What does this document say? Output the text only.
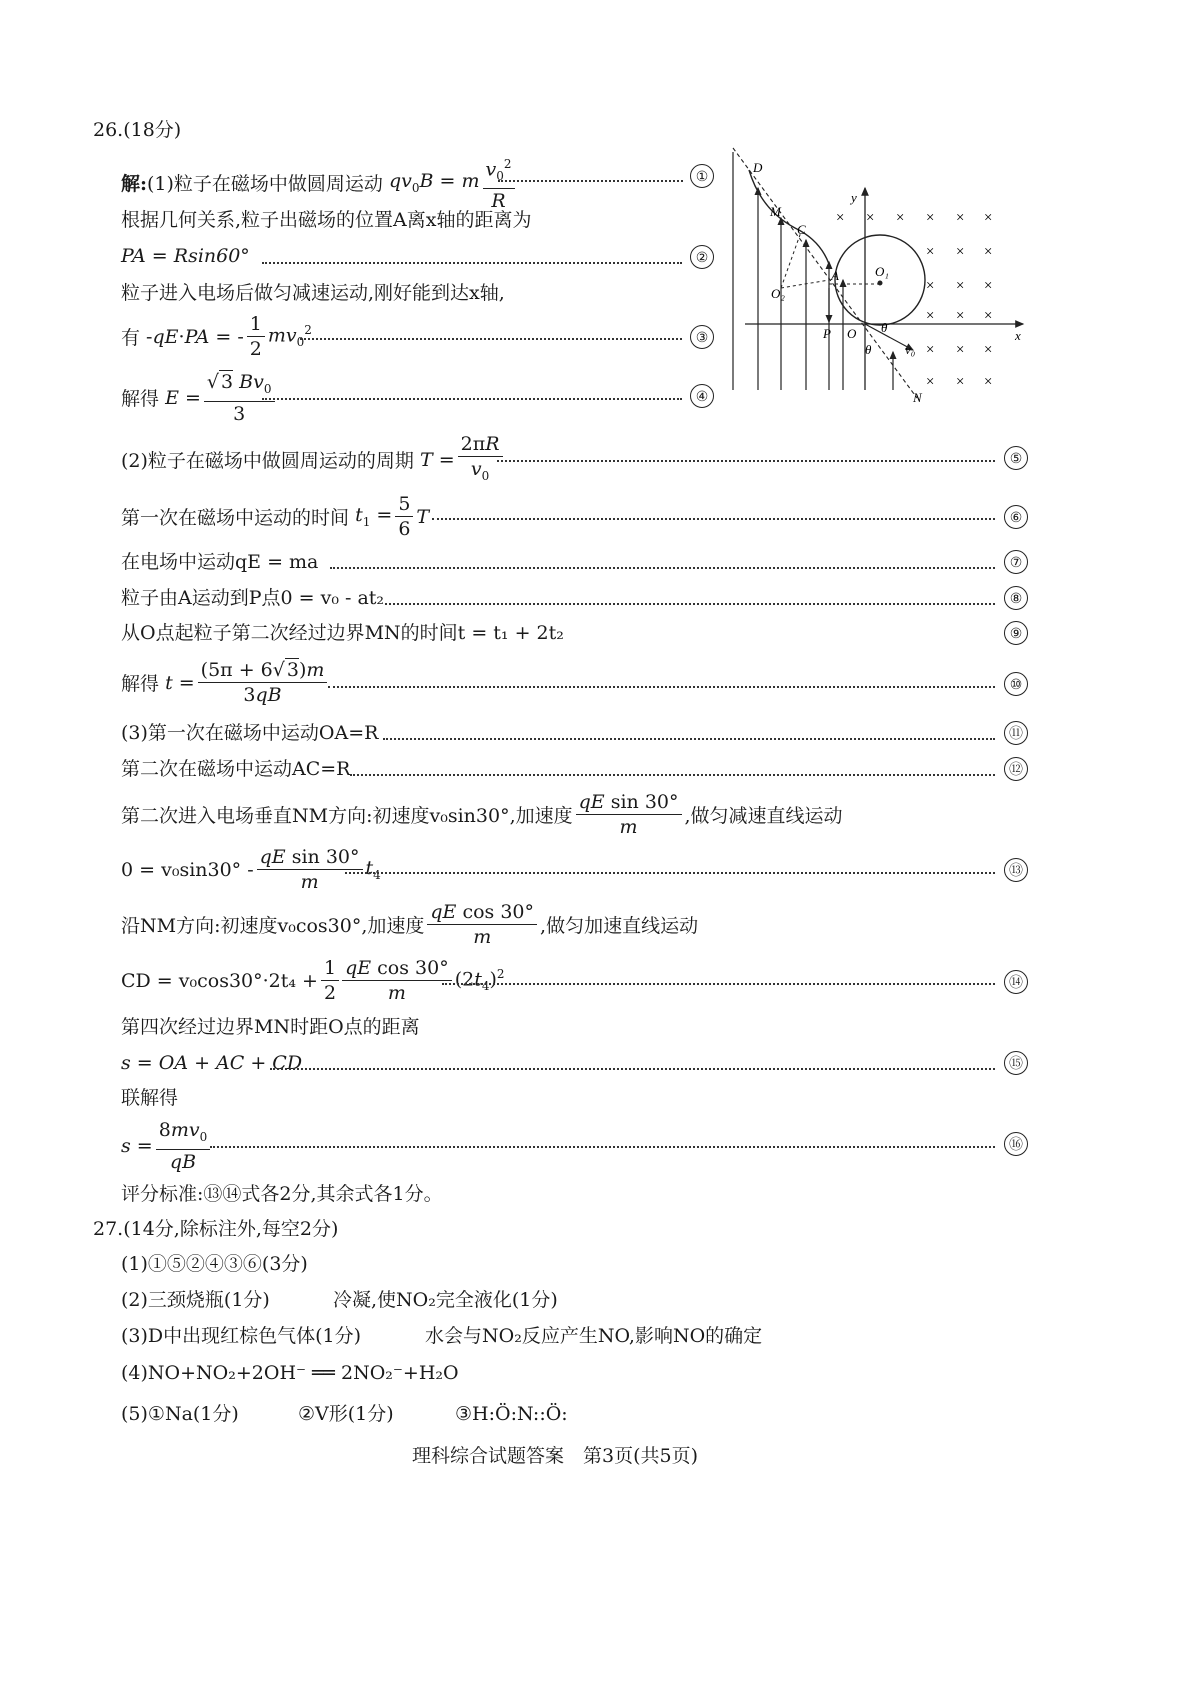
26.(18分)
解: (1)粒子在磁场中做圆周运动 $qv_0B = m \frac{v_0^2}{R}$	①
根据几何关系,粒子出磁场的位置A离x轴的距离为
PA = Rsin60°	②
粒子进入电场后做匀减速运动,刚好能到达x轴,
有 -qE·PA = - $\frac{1}{2} mv_0^2$	③
解得 $E = \frac{√ 3 Bv_0}{3}$	④
× × × × × ×
× × ×
× × ×
× × ×
× × ×
× × ×
D
M
C
A
O₂
O₁
P O	x
y
N
θ
θ	v₀
(2)粒子在磁场中做圆周运动的周期 $T = \frac{2\pi R}{v_0}$	⑤
第一次在磁场中运动的时间 $t_1 = \frac{5}{6}$ T	⑥
在电场中运动qE = ma	⑦
粒子由A运动到P点0 = v₀ - at₂	⑧
从O点起粒子第二次经过边界MN的时间t = t₁ + 2t₂	⑨
解得 $t = \frac{(5\pi + 6√ 3)m}{3qB}$	⑩
(3)第一次在磁场中运动OA=R	⑪
第二次在磁场中运动AC=R	⑫
第二次进入电场垂直NM方向:初速度v₀sin30°,加速度 $\frac{\text{qE sin 30°}}{m}$ ,做匀减速直线运动
$0 = v_0\sin 30^\circ - \frac{\text{qE sin 30°}}{m} t_4$	⑬
沿NM方向:初速度v₀cos30°,加速度 $\frac{\text{qE cos 30°}}{m}$ ,做匀加速直线运动
CD = $v_0\cos 30^\circ\cdot 2t_4 + \frac{1}{2} \frac{\text{qE cos 30°}}{m} (2t_4)^2$	⑭
第四次经过边界MN时距O点的距离
s = OA + AC + CD	⑮
联解得
$s = \frac{8mv_0}{qB}$	⑯
评分标准:⑬⑭式各2分,其余式各1分。
27.(14分,除标注外,每空2分)
(1)①⑤②④③⑥(3分)
(2)三颈烧瓶(1分)	冷凝,使NO₂完全液化(1分)
(3)D中出现红棕色气体(1分)	水会与NO₂反应产生NO,影响NO的确定
(4)NO+NO₂+2OH⁻ ══ 2NO₂⁻+H₂O
(5)①Na(1分)	②V形(1分)	③H:Ö:N::Ö:
理科综合试题答案　第3页(共5页)
